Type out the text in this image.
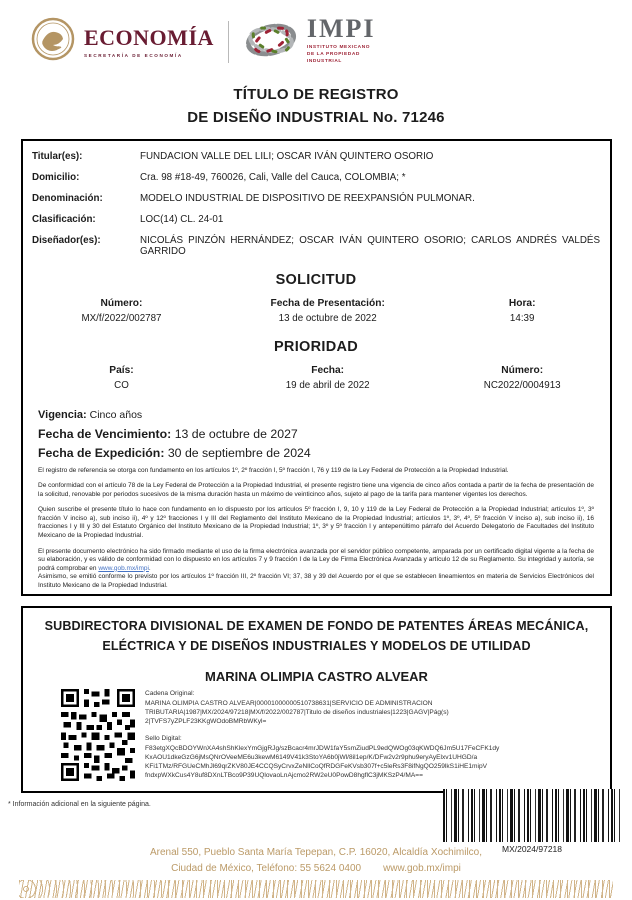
ECONOMÍA
SECRETARÍA DE ECONOMÍA
IMPI
INSTITUTO MEXICANO DE LA PROPIEDAD INDUSTRIAL
TÍTULO DE REGISTRO
DE DISEÑO INDUSTRIAL No. 71246
Titular(es):	FUNDACION VALLE DEL LILI; OSCAR IVÁN QUINTERO OSORIO
Domicilio:	Cra. 98 #18-49, 760026, Cali, Valle del Cauca, COLOMBIA; *
Denominación:	MODELO INDUSTRIAL DE DISPOSITIVO DE REEXPANSIÓN PULMONAR.
Clasificación:	LOC(14) CL. 24-01
Diseñador(es):	NICOLÁS PINZÓN HERNÁNDEZ; OSCAR IVÁN QUINTERO OSORIO; CARLOS ANDRÉS VALDÉS GARRIDO
SOLICITUD
Número:
MX/f/2022/002787
Fecha de Presentación:
13 de octubre de 2022
Hora:
14:39
PRIORIDAD
País:
CO
Fecha:
19 de abril de 2022
Número:
NC2022/0004913
Vigencia: Cinco años
Fecha de Vencimiento: 13 de octubre de 2027
Fecha de Expedición: 30 de septiembre de 2024
El registro de referencia se otorga con fundamento en los artículos 1º, 2º fracción I, 5º fracción I, 76 y 119 de la Ley Federal de Protección a la Propiedad Industrial.
De conformidad con el artículo 78 de la Ley Federal de Protección a la Propiedad Industrial, el presente registro tiene una vigencia de cinco años contada a partir de la fecha de presentación de la solicitud, renovable por periodos sucesivos de la misma duración hasta un máximo de veinticinco años, sujeto al pago de la tarifa para mantener vigentes los derechos.
Quien suscribe el presente título lo hace con fundamento en lo dispuesto por los artículos 5º fracción I, 9, 10 y 119 de la Ley Federal de Protección a la Propiedad Industrial; artículos 1º, 3º fracción V inciso a), sub inciso ii), 4º y 12º fracciones I y III del Reglamento del Instituto Mexicano de la Propiedad Industrial; artículos 1º, 3º, 4º, 5º fracción V inciso a), sub inciso ii), 16 fracciones I y III y 30 del Estatuto Orgánico del Instituto Mexicano de la Propiedad Industrial; 1º, 3º y 5º fracción I y antepenúltimo párrafo del Acuerdo Delegatorio de Facultades del Instituto Mexicano de la Propiedad Industrial.
El presente documento electrónico ha sido firmado mediante el uso de la firma electrónica avanzada por el servidor público competente, amparada por un certificado digital vigente a la fecha de su elaboración, y es válido de conformidad con lo dispuesto en los artículos 7 y 9 fracción I de la Ley de Firma Electrónica Avanzada y artículo 12 de su Reglamento. Su integridad y autoría, se podrá comprobar en www.gob.mx/impi.
Asimismo, se emitió conforme lo previsto por los artículos 1º fracción III, 2º fracción VI; 37, 38 y 39 del Acuerdo por el que se establecen lineamientos en materia de Servicios Electrónicos del Instituto Mexicano de la Propiedad Industrial.
SUBDIRECTORA DIVISIONAL DE EXAMEN DE FONDO DE PATENTES ÁREAS MECÁNICA, ELÉCTRICA Y DE DISEÑOS INDUSTRIALES Y MODELOS DE UTILIDAD
MARINA OLIMPIA CASTRO ALVEAR
Cadena Original:
MARINA OLIMPIA CASTRO ALVEAR|00001000000510738631|SERVICIO DE ADMINISTRACION
TRIBUTARIA|1987|MX/2024/97218|MX/f/2022/002787|Titulo de diseños industriales|1223|GAGV|Pág(s)
2|TVFS7yZPLF23KKgWOdoBMRbWKyl=
Sello Digital:
F83etgXQcBDOYWnXA4shShKlexYmGjgRJg/szBcacr4mrJDW1faY5smZiudPL9edQWOg03qKWDQ6Jm5U17FeCFK1dy
KxAOU1dkeGzG6jMsQNrOVeeME6u3kewM6149V41k3StoYA6b0jWl/8il1ep/K/DFw2v2r9phu9eryAyElxv1UHGD/a
KFi1TMz/RFGUeCMhJl69qrZKV80JE4CCQSyCrvxZeNllCoQfRDGFeKVsb307f+c5leRs3F8ifNgQO259lkS1iHE1mipV
fndxpWXkCus4Y8uf8DXnLTBco9P39UQlovaoLnAjcmo2RW2eU0PowD8hgflC3jMKSzP4/MA==
* Información adicional en la siguiente página.
MX/2024/97218
Arenal 550, Pueblo Santa María Tepepan, C.P. 16020, Alcaldía Xochimilco,
Ciudad de México, Teléfono: 55 5624 0400 www.gob.mx/impi
